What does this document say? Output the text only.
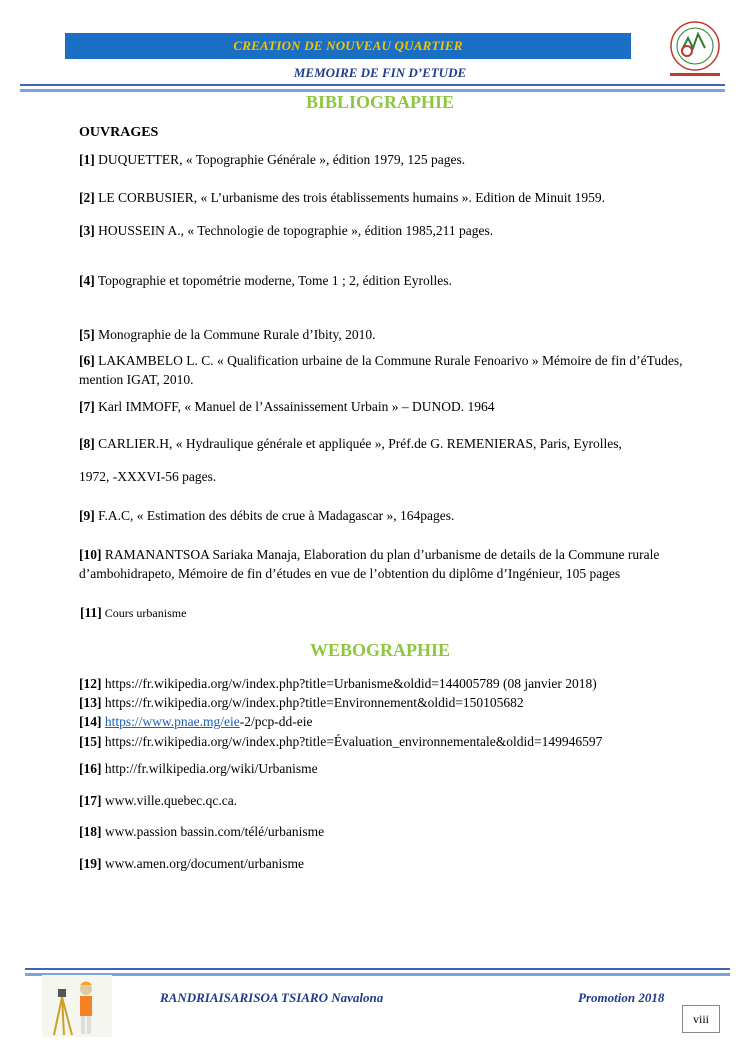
CREATION DE NOUVEAU QUARTIER
MEMOIRE DE FIN D’ETUDE
BIBLIOGRAPHIE
OUVRAGES
[1] DUQUETTER, « Topographie Générale », édition 1979, 125 pages.
[2] LE CORBUSIER, « L’urbanisme des trois établissements humains ». Edition de Minuit 1959.
[3] HOUSSEIN A., « Technologie de topographie », édition 1985,211 pages.
[4] Topographie et topométrie moderne, Tome 1 ; 2, édition Eyrolles.
[5] Monographie de la Commune Rurale d’Ibity, 2010.
[6] LAKAMBELO L. C. « Qualification urbaine de la Commune Rurale Fenoarivo » Mémoire de fin d’éTudes, mention IGAT, 2010.
[7] Karl IMMOFF, « Manuel de l’Assainissement Urbain » – DUNOD. 1964
[8] CARLIER.H, « Hydraulique générale et appliquée », Préf.de G. REMENIERAS, Paris, Eyrolles,
1972, -XXXVI-56 pages.
[9] F.A.C, « Estimation des débits de crue à Madagascar », 164pages.
[10] RAMANANTSOA Sariaka Manaja, Elaboration du plan d’urbanisme de details de la Commune rurale d’ambohidrapeto, Mémoire de fin d’études en vue de l’obtention du diplôme d’Ingénieur, 105 pages
[11] Cours urbanisme
WEBOGRAPHIE
[12] https://fr.wikipedia.org/w/index.php?title=Urbanisme&oldid=144005789 (08 janvier 2018)
[13] https://fr.wikipedia.org/w/index.php?title=Environnement&oldid=150105682
[14] https://www.pnae.mg/eie-2/pcp-dd-eie
[15] https://fr.wikipedia.org/w/index.php?title=Évaluation_environnementale&oldid=149946597
[16] http://fr.wilkipedia.org/wiki/Urbanisme
[17] www.ville.quebec.qc.ca.
[18] www.passion bassin.com/télé/urbanisme
[19] www.amen.org/document/urbanisme
RANDRIAISARISOA TSIARO Navalona	Promotion 2018
viii
